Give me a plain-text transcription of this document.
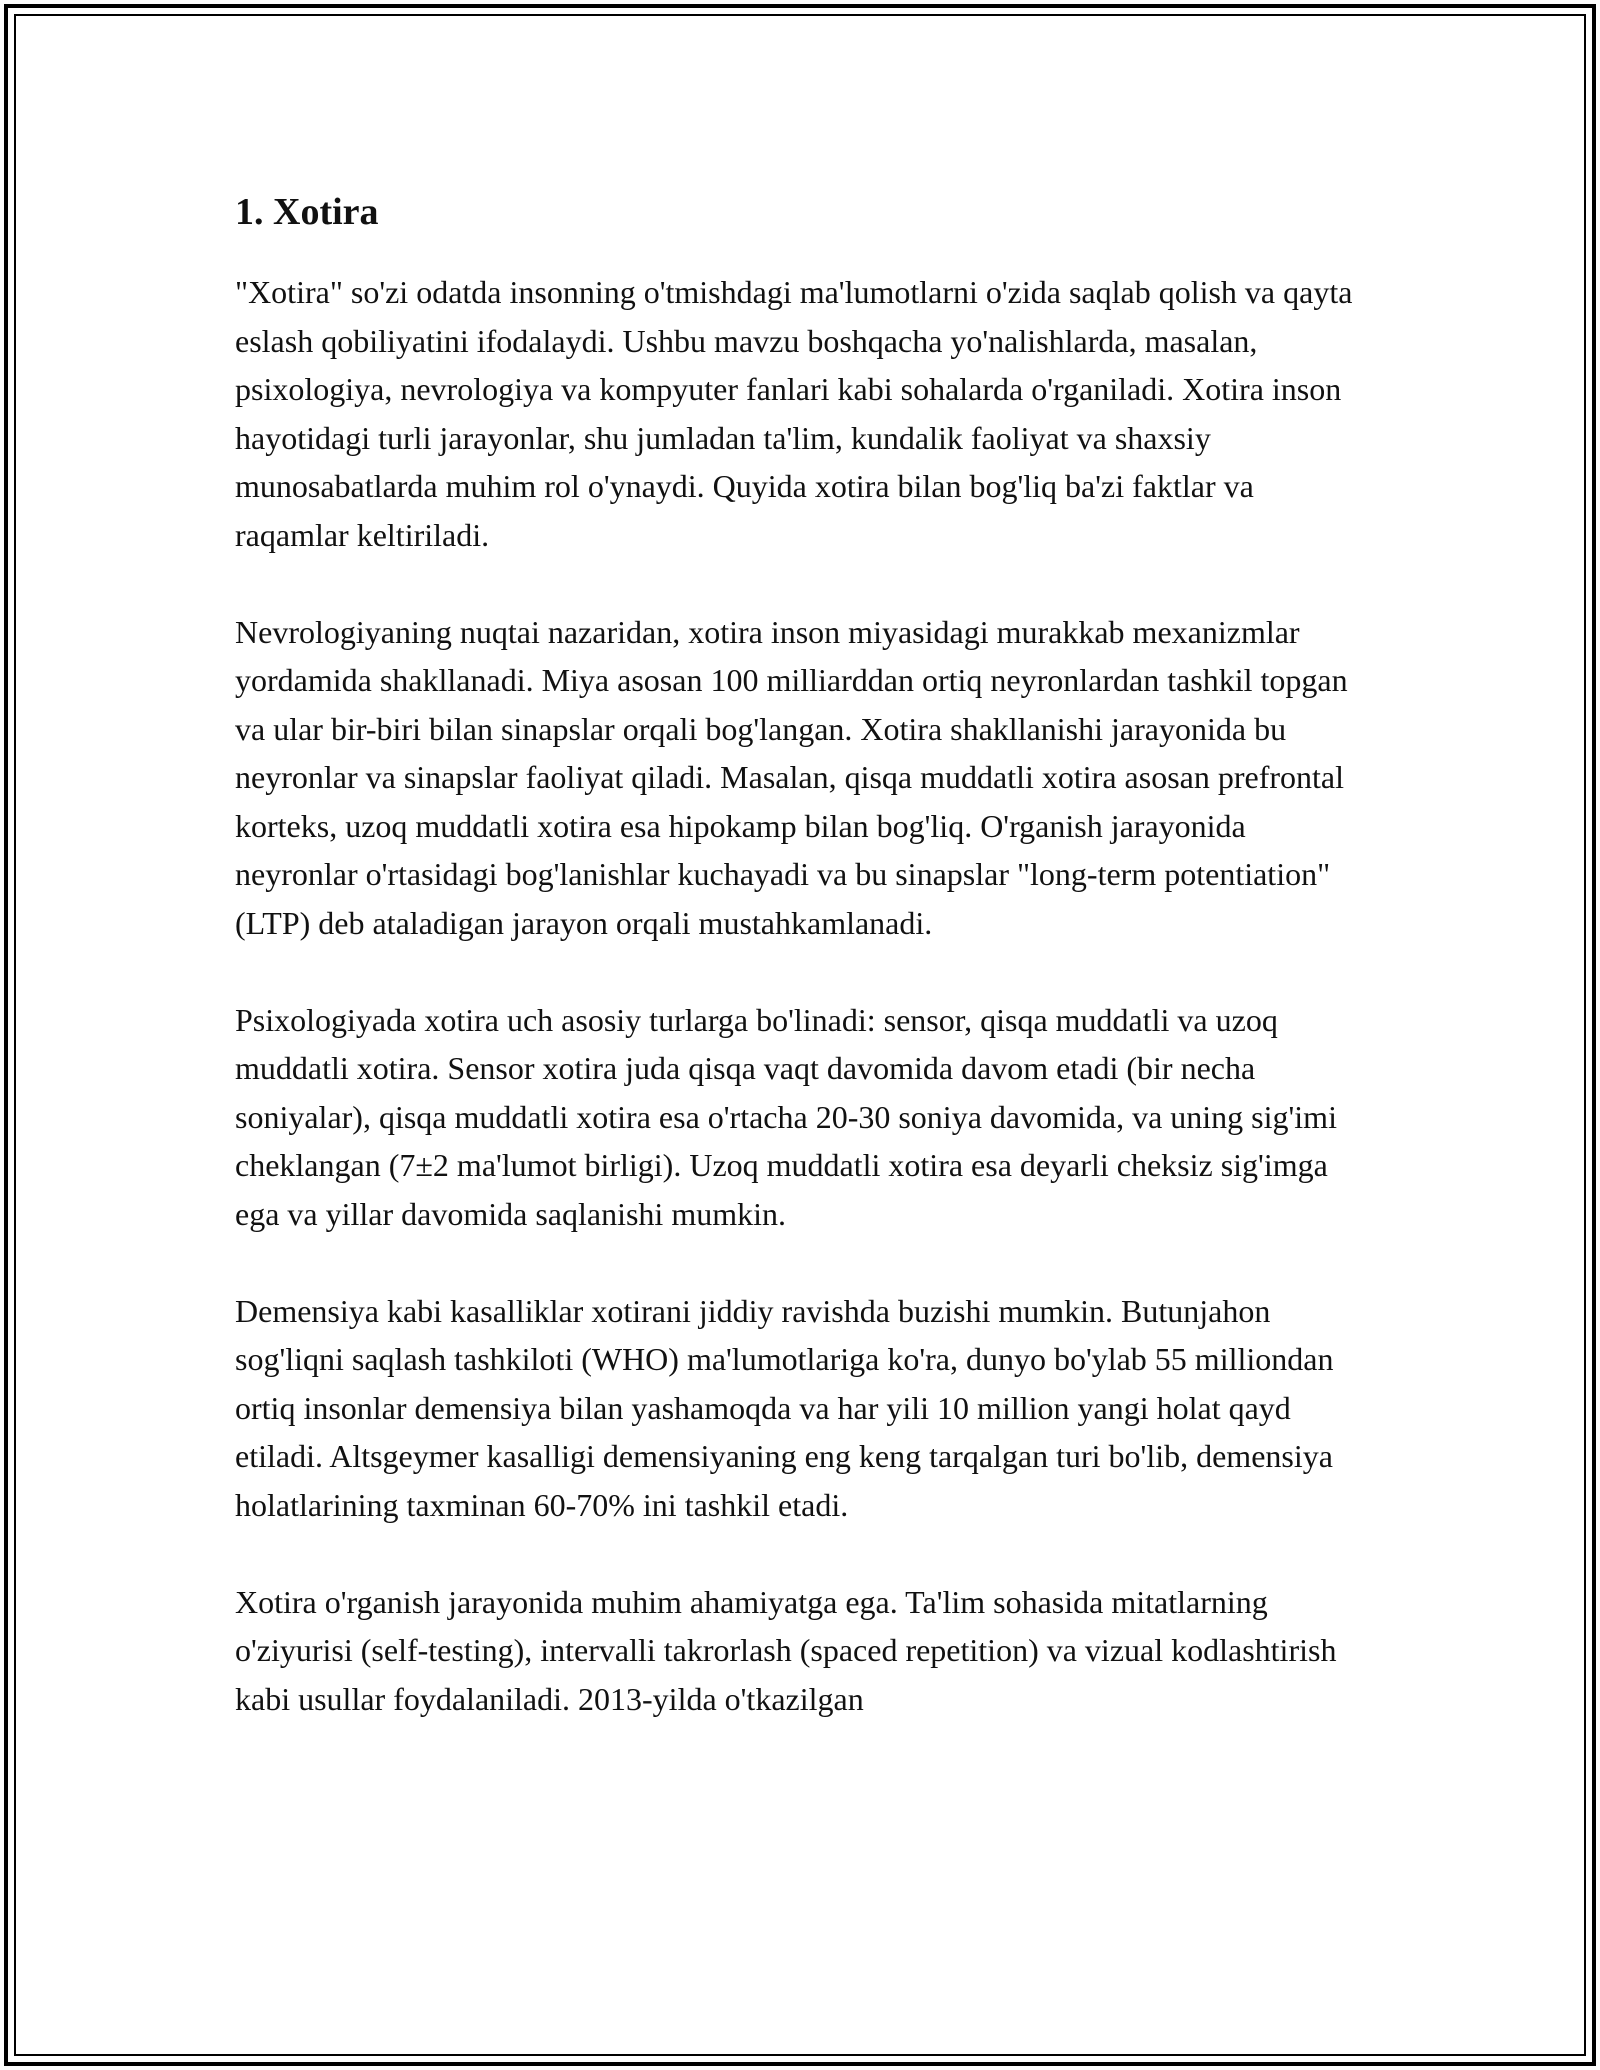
1. Xotira

"Xotira" so'zi odatda insonning o'tmishdagi ma'lumotlarni o'zida saqlab qolish va qayta eslash qobiliyatini ifodalaydi. Ushbu mavzu boshqacha yo'nalishlarda, masalan, psixologiya, nevrologiya va kompyuter fanlari kabi sohalarda o'rganiladi. Xotira inson hayotidagi turli jarayonlar, shu jumladan ta'lim, kundalik faoliyat va shaxsiy munosabatlarda muhim rol o'ynaydi. Quyida xotira bilan bog'liq ba'zi faktlar va raqamlar keltiriladi.

Nevrologiyaning nuqtai nazaridan, xotira inson miyasidagi murakkab mexanizmlar yordamida shakllanadi. Miya asosan 100 milliarddan ortiq neyronlardan tashkil topgan va ular bir-biri bilan sinapslar orqali bog'langan. Xotira shakllanishi jarayonida bu neyronlar va sinapslar faoliyat qiladi. Masalan, qisqa muddatli xotira asosan prefrontal korteks, uzoq muddatli xotira esa hipokamp bilan bog'liq. O'rganish jarayonida neyronlar o'rtasidagi bog'lanishlar kuchayadi va bu sinapslar "long-term potentiation" (LTP) deb ataladigan jarayon orqali mustahkamlanadi.

Psixologiyada xotira uch asosiy turlarga bo'linadi: sensor, qisqa muddatli va uzoq muddatli xotira. Sensor xotira juda qisqa vaqt davomida davom etadi (bir necha soniyalar), qisqa muddatli xotira esa o'rtacha 20-30 soniya davomida, va uning sig'imi cheklangan (7±2 ma'lumot birligi). Uzoq muddatli xotira esa deyarli cheksiz sig'imga ega va yillar davomida saqlanishi mumkin.

Demensiya kabi kasalliklar xotirani jiddiy ravishda buzishi mumkin. Butunjahon sog'liqni saqlash tashkiloti (WHO) ma'lumotlariga ko'ra, dunyo bo'ylab 55 milliondan ortiq insonlar demensiya bilan yashamoqda va har yili 10 million yangi holat qayd etiladi. Altsgeymer kasalligi demensiyaning eng keng tarqalgan turi bo'lib, demensiya holatlarining taxminan 60-70% ini tashkil etadi.

Xotira o'rganish jarayonida muhim ahamiyatga ega. Ta'lim sohasida mitatlarning o'ziyurisi (self-testing), intervalli takrorlash (spaced repetition) va vizual kodlashtirish kabi usullar foydalaniladi. 2013-yilda o'tkazilgan
